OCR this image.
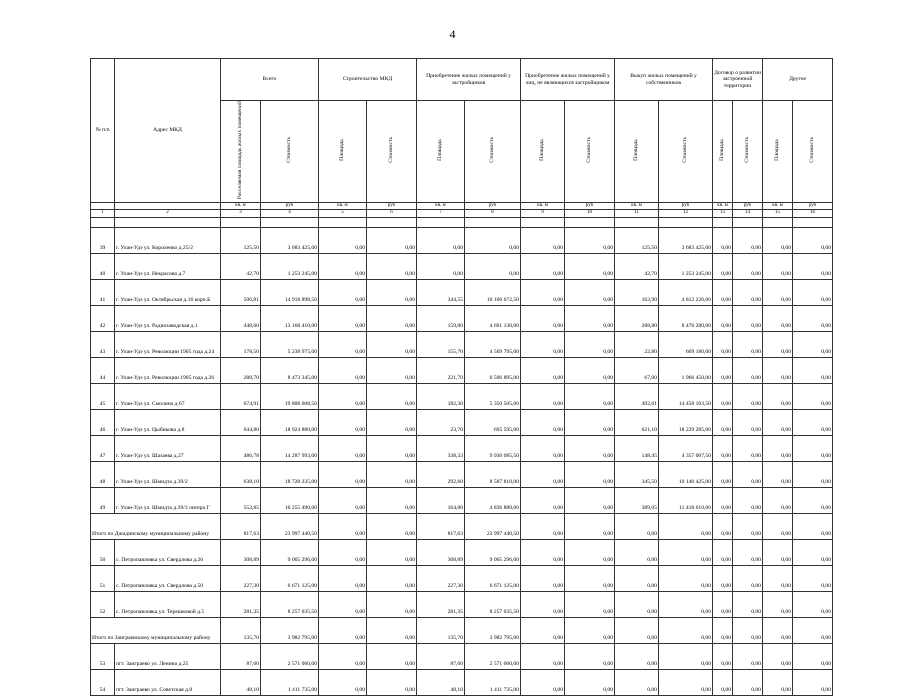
4
№ п/п	Адрес МКД	Всего		Строительство МКД		Приобретение жилых помещений у застройщиков		Приобретение жилых помещений у лиц, не являющихся застройщиком		Выкуп жилых помещений у собственников		Договор о развитии застроенной территории		Другое	
		Расселяемая площадь жилых помещений	Стоимость	Площадь	Стоимость	Площадь	Стоимость	Площадь	Стоимость	Площадь	Стоимость	Площадь	Стоимость	Площадь	Стоимость
		кв. м	руб	кв. м	руб	кв. м	руб	кв. м	руб	кв. м	руб	кв. м	руб	кв. м	руб
1	2	3	4	5	6	7	8	9	10	11	12	13	14	15	16

39	г. Улан-Удэ ул. Короленко д.25/2	125,50	3 683 425,00	0,00	0,00	0,00	0,00	0,00	0,00	125,50	3 683 425,00	0,00	0,00	0,00	0,00
40	г. Улан-Удэ ул. Некрасова д.7	42,70	1 253 245,00	0,00	0,00	0,00	0,00	0,00	0,00	42,70	1 253 245,00	0,00	0,00	0,00	0,00
41	г. Улан-Удэ ул. Октябрьская д.16 корп.Б	506,81	14 918 898,50	0,00	0,00	344,55	10 106 672,50	0,00	0,00	163,90	4 812 226,00	0,00	0,00	0,00	0,00
42	г. Улан-Удэ ул. Радиозаводская д.1	448,60	13 168 410,00	0,00	0,00	159,80	4 691 130,00	0,00	0,00	288,80	8 476 280,00	0,00	0,00	0,00	0,00
43	г. Улан-Удэ ул. Революции 1905 года д.24	178,50	5 238 975,00	0,00	0,00	155,70	4 569 795,00	0,00	0,00	22,80	669 180,00	0,00	0,00	0,00	0,00
44	г. Улан-Удэ ул. Революции 1905 года д.26	288,70	8 473 345,00	0,00	0,00	221,70	6 506 895,00	0,00	0,00	67,00	1 966 450,00	0,00	0,00	0,00	0,00
45	г. Улан-Удэ ул. Смолина д.67	674,91	19 808 608,50	0,00	0,00	182,30	5 350 505,00	0,00	0,00	492,61	14 458 103,50	0,00	0,00	0,00	0,00
46	г. Улан-Удэ ул. Цыбикова д.8	644,80	18 924 880,00	0,00	0,00	23,70	695 595,00	0,00	0,00	621,10	18 229 285,00	0,00	0,00	0,00	0,00
47	г. Улан-Удэ ул. Шазаева д.27	486,78	14 287 993,00	0,00	0,00	338,33	9 930 085,50	0,00	0,00	148,45	4 357 007,50	0,00	0,00	0,00	0,00
48	г. Улан-Удэ ул. Шмидта д.39/2	638,10	18 728 235,00	0,00	0,00	292,60	8 587 810,00	0,00	0,00	345,50	10 140 425,00	0,00	0,00	0,00	0,00
49	г. Улан-Удэ ул. Шмидта д.39/3 литера Г	553,85	16 255 490,00	0,00	0,00	164,80	4 836 880,00	0,00	0,00	389,05	11 418 610,00	0,00	0,00	0,00	0,00
Итого по Джидинскому муниципальному району		817,63	23 997 440,50	0,00	0,00	817,63	23 997 440,50	0,00	0,00	0,00	0,00	0,00	0,00	0,00	0,00
50	с. Петропавловка ул. Свердлова д.26	308,89	9 065 296,00	0,00	0,00	308,89	9 065 296,00	0,00	0,00	0,00	0,00	0,00	0,00	0,00	0,00
51	с. Петропавловка ул. Свердлова д.50	227,30	6 671 125,00	0,00	0,00	227,30	6 671 125,00	0,00	0,00	0,00	0,00	0,00	0,00	0,00	0,00
52	с. Петропавловка ул. Терешковой д.5	281,35	8 257 035,50	0,00	0,00	281,35	8 257 035,50	0,00	0,00	0,00	0,00	0,00	0,00	0,00	0,00
Итого по Заиграевскому муниципальному району		135,70	3 982 795,00	0,00	0,00	135,70	3 982 795,00	0,00	0,00	0,00	0,00	0,00	0,00	0,00	0,00
53	пгт. Заиграево ул. Ленина д.25	87,60	2 571 060,00	0,00	0,00	87,60	2 571 060,00	0,00	0,00	0,00	0,00	0,00	0,00	0,00	0,00
54	пгт. Заиграево ул. Советская д.8	48,10	1 411 735,00	0,00	0,00	48,10	1 411 735,00	0,00	0,00	0,00	0,00	0,00	0,00	0,00	0,00
